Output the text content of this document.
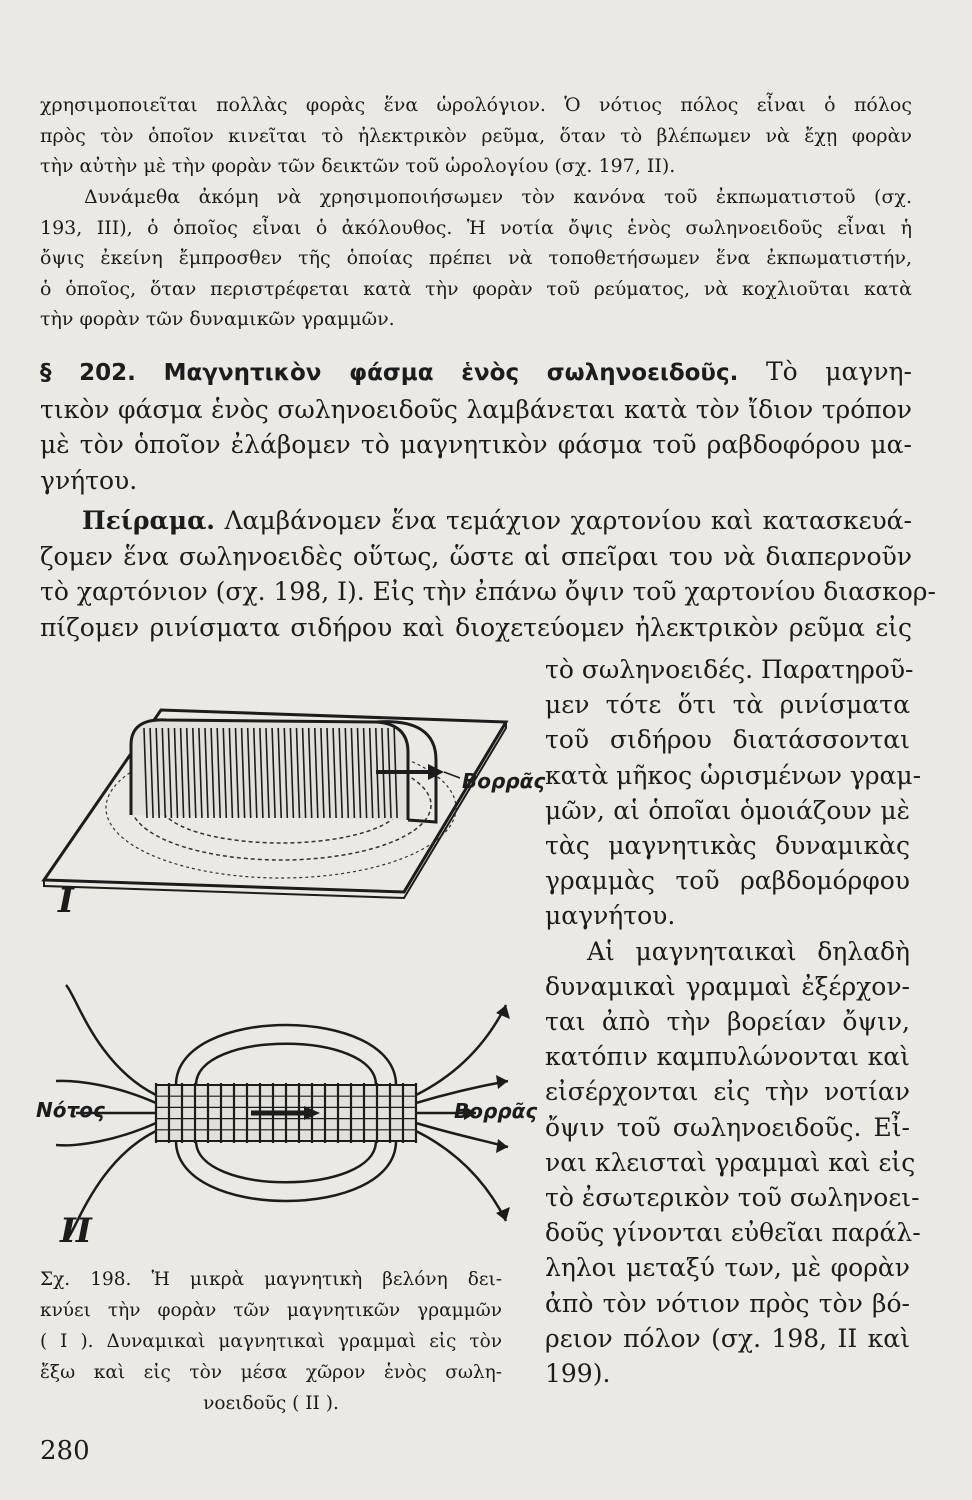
χρησιμοποιεῖται πολλὰς φορὰς ἕνα ὡρολόγιον. Ὁ νότιος πόλος εἶναι ὁ πόλος
πρὸς τὸν ὁποῖον κινεῖται τὸ ἠλεκτρικὸν ρεῦμα, ὅταν τὸ βλέπωμεν νὰ ἔχῃ φορὰν
τὴν αὐτὴν μὲ τὴν φορὰν τῶν δεικτῶν τοῦ ὡρολογίου (σχ. 197, ΙΙ).
Δυνάμεθα ἀκόμη νὰ χρησιμοποιήσωμεν τὸν κανόνα τοῦ ἐκπωματιστοῦ (σχ.
193, ΙΙΙ), ὁ ὁποῖος εἶναι ὁ ἀκόλουθος. Ἡ νοτία ὄψις ἑνὸς σωληνοειδοῦς εἶναι ἡ
ὄψις ἐκείνη ἔμπροσθεν τῆς ὁποίας πρέπει νὰ τοποθετήσωμεν ἕνα ἐκπωματιστήν,
ὁ ὁποῖος, ὅταν περιστρέφεται κατὰ τὴν φορὰν τοῦ ρεύματος, νὰ κοχλιοῦται κατὰ
τὴν φορὰν τῶν δυναμικῶν γραμμῶν.
§ 202. Μαγνητικὸν φάσμα ἑνὸς σωληνοειδοῦς. Τὸ μαγνη-
τικὸν φάσμα ἑνὸς σωληνοειδοῦς λαμβάνεται κατὰ τὸν ἴδιον τρόπον
μὲ τὸν ὁποῖον ἐλάβομεν τὸ μαγνητικὸν φάσμα τοῦ ραβδοφόρου μα-
γνήτου.
Πείραμα. Λαμβάνομεν ἕνα τεμάχιον χαρτονίου καὶ κατασκευά-
ζομεν ἕνα σωληνοειδὲς οὕτως, ὥστε αἱ σπεῖραι του νὰ διαπερνοῦν
τὸ χαρτόνιον (σχ. 198, Ι). Εἰς τὴν ἐπάνω ὄψιν τοῦ χαρτονίου διασκορ-
πίζομεν ρινίσματα σιδήρου καὶ διοχετεύομεν ἠλεκτρικὸν ρεῦμα εἰς
τὸ σωληνοειδές. Παρατηροῦ-
μεν τότε ὅτι τὰ ρινίσματα
τοῦ σιδήρου διατάσσονται
κατὰ μῆκος ὡρισμένων γραμ-
μῶν, αἱ ὁποῖαι ὁμοιάζουν μὲ
τὰς μαγνητικὰς δυναμικὰς
γραμμὰς τοῦ ραβδομόρφου
μαγνήτου.
Αἱ μαγνηταικαὶ δηλαδὴ
δυναμικαὶ γραμμαὶ ἐξέρχον-
ται ἀπὸ τὴν βορείαν ὄψιν,
κατόπιν καμπυλώνονται καὶ
εἰσέρχονται εἰς τὴν νοτίαν
ὄψιν τοῦ σωληνοειδοῦς. Εἶ-
ναι κλεισταὶ γραμμαὶ καὶ εἰς
τὸ ἐσωτερικὸν τοῦ σωληνοει-
δοῦς γίνονται εὐθεῖαι παράλ-
ληλοι μεταξύ των, μὲ φορὰν
ἀπὸ τὸν νότιον πρὸς τὸν βό-
ρειον πόλον (σχ. 198, ΙΙ καὶ
199).
Βορρᾶς
I
Νότος	Βορρᾶς
II
Σχ. 198. Ἡ μικρὰ μαγνητικὴ βελόνη δει-
κνύει τὴν φορὰν τῶν μαγνητικῶν γραμμῶν
( Ι ). Δυναμικαὶ μαγνητικαὶ γραμμαὶ εἰς τὸν
ἔξω καὶ εἰς τὸν μέσα χῶρον ἑνὸς σωλη-
νοειδοῦς ( ΙΙ ).
280
